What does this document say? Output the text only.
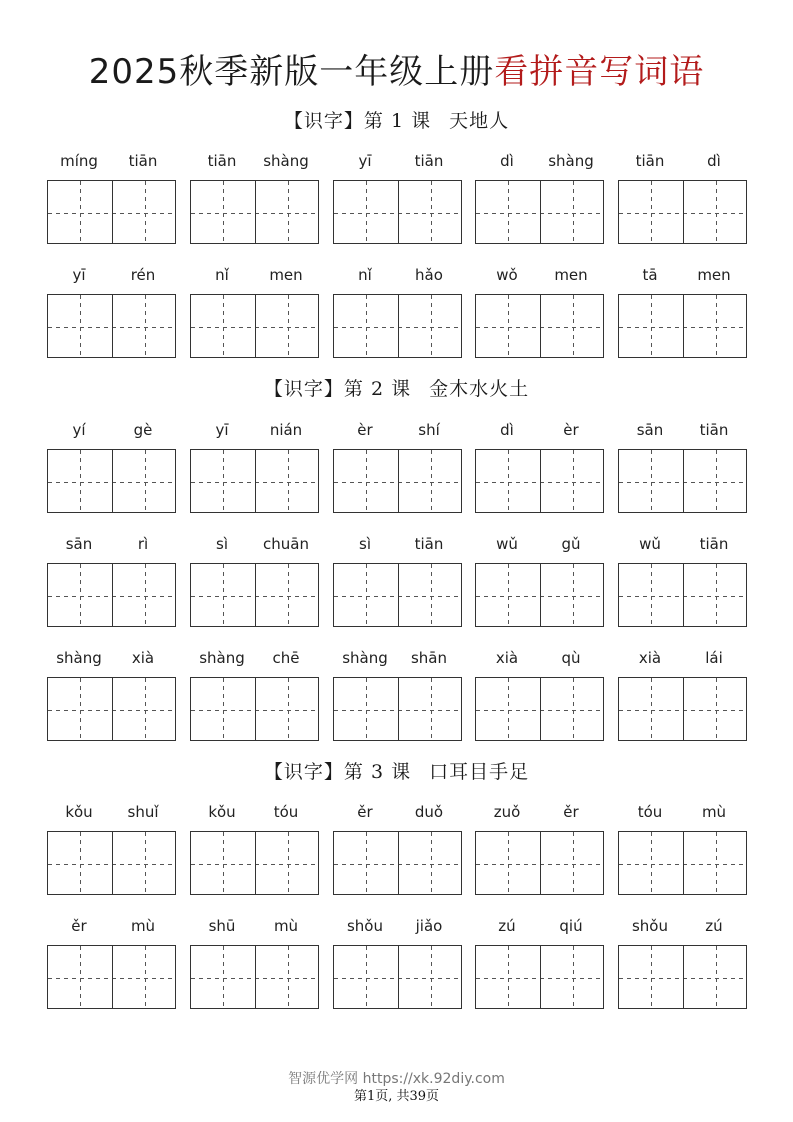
2025秋季新版一年级上册看拼音写词语
【识字】第 1 课 天地人
míng	tiān	tiān	shàng	yī	tiān	dì	shàng	tiān	dì
yī	rén	nǐ	men	nǐ	hǎo	wǒ	men	tā	men
【识字】第 2 课 金木水火土
yí	gè	yī	nián	èr	shí	dì	èr	sān	tiān
sān	rì	sì	chuān	sì	tiān	wǔ	gǔ	wǔ	tiān
shàng	xià	shàng	chē	shàng	shān	xià	qù	xià	lái
【识字】第 3 课 口耳目手足
kǒu	shuǐ	kǒu	tóu	ěr	duǒ	zuǒ	ěr	tóu	mù
ěr	mù	shū	mù	shǒu	jiǎo	zú	qiú	shǒu	zú
智源优学网 https://xk.92diy.com
第1页, 共39页
